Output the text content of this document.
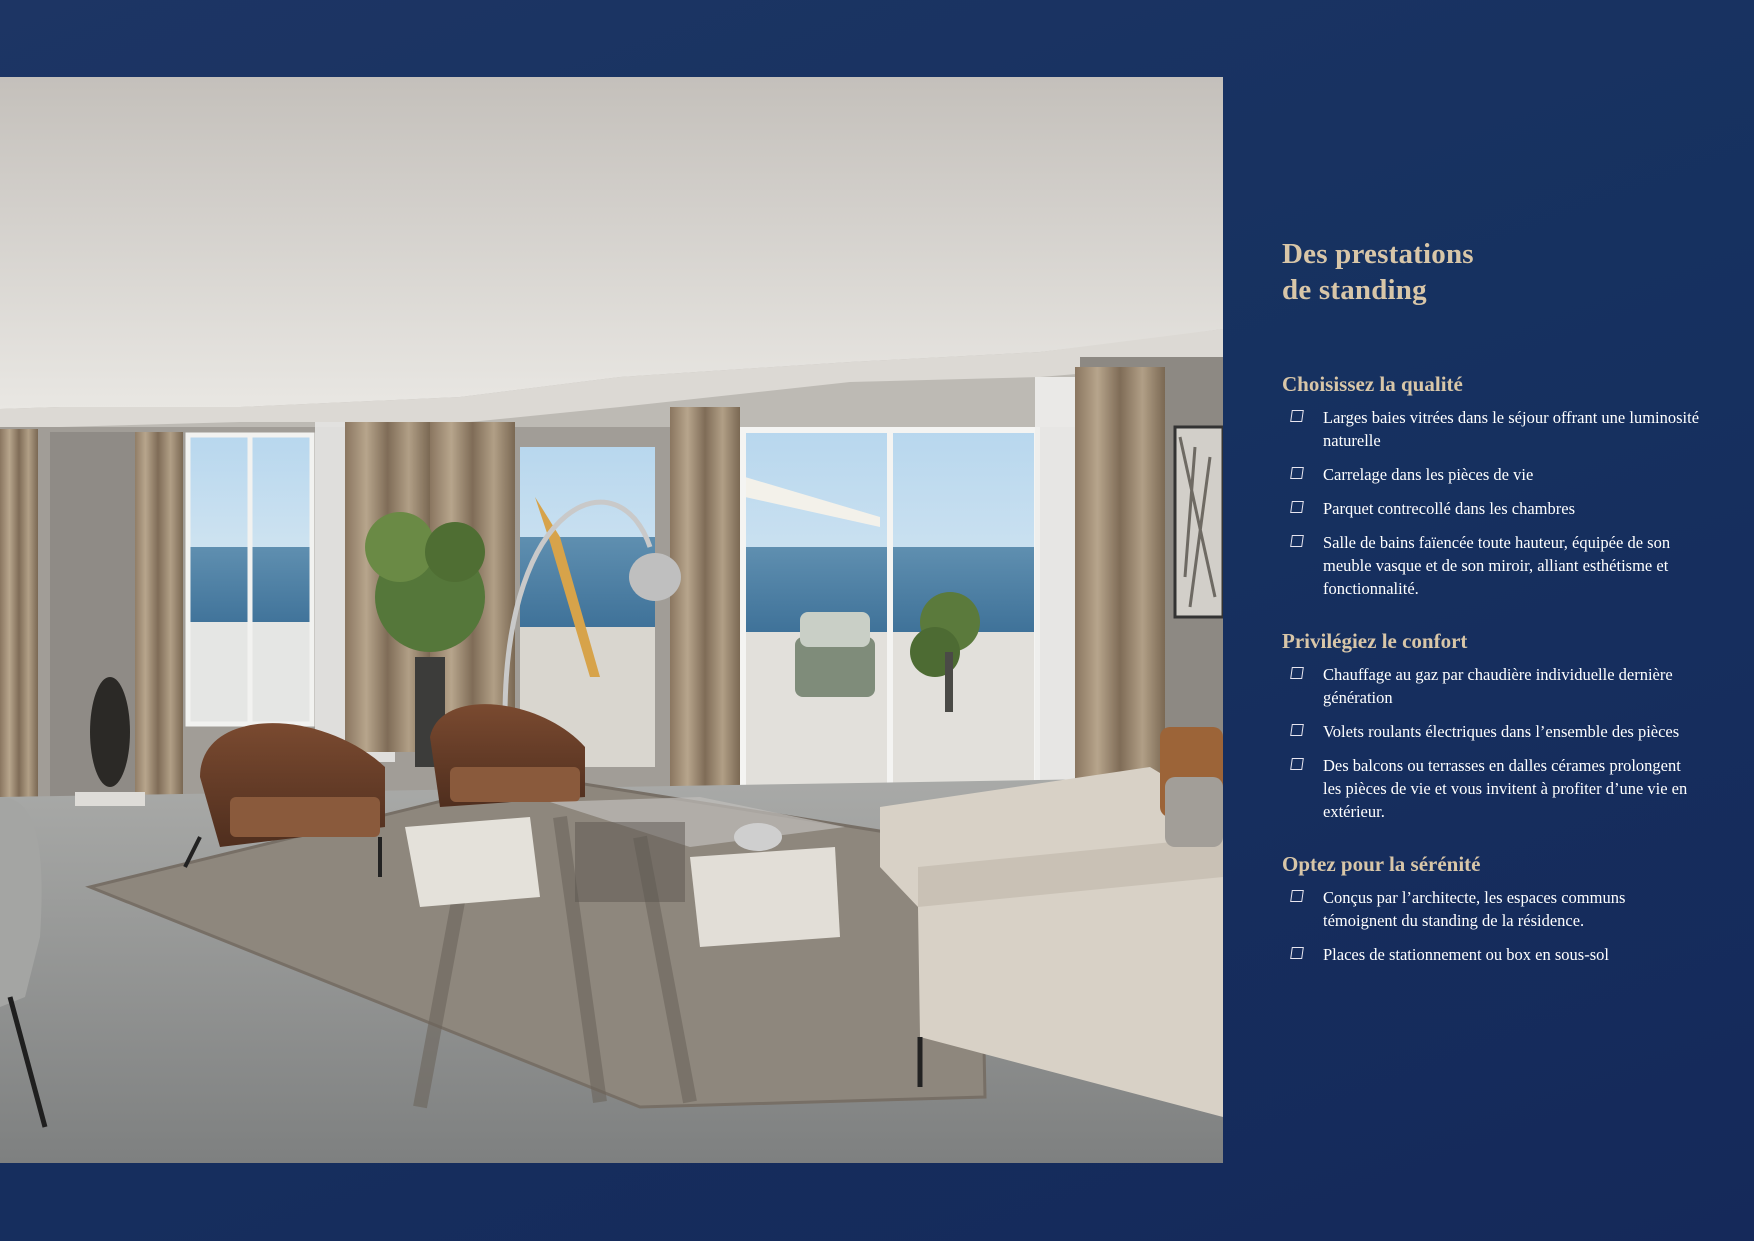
Des prestations
de standing
Choisissez la qualité
Larges baies vitrées dans le séjour offrant une luminosité naturelle
Carrelage dans les pièces de vie
Parquet contrecollé dans les chambres
Salle de bains faïencée toute hauteur, équipée de son meuble vasque et de son miroir, alliant esthétisme et fonctionnalité.
Privilégiez le confort
Chauffage au gaz par chaudière individuelle dernière génération
Volets roulants électriques dans l’ensemble des pièces
Des balcons ou terrasses en dalles cérames prolongent les pièces de vie et vous invitent à profiter d’une vie en extérieur.
Optez pour la sérénité
Conçus par l’architecte, les espaces communs témoignent du standing de la résidence.
Places de stationnement ou box en sous-sol
